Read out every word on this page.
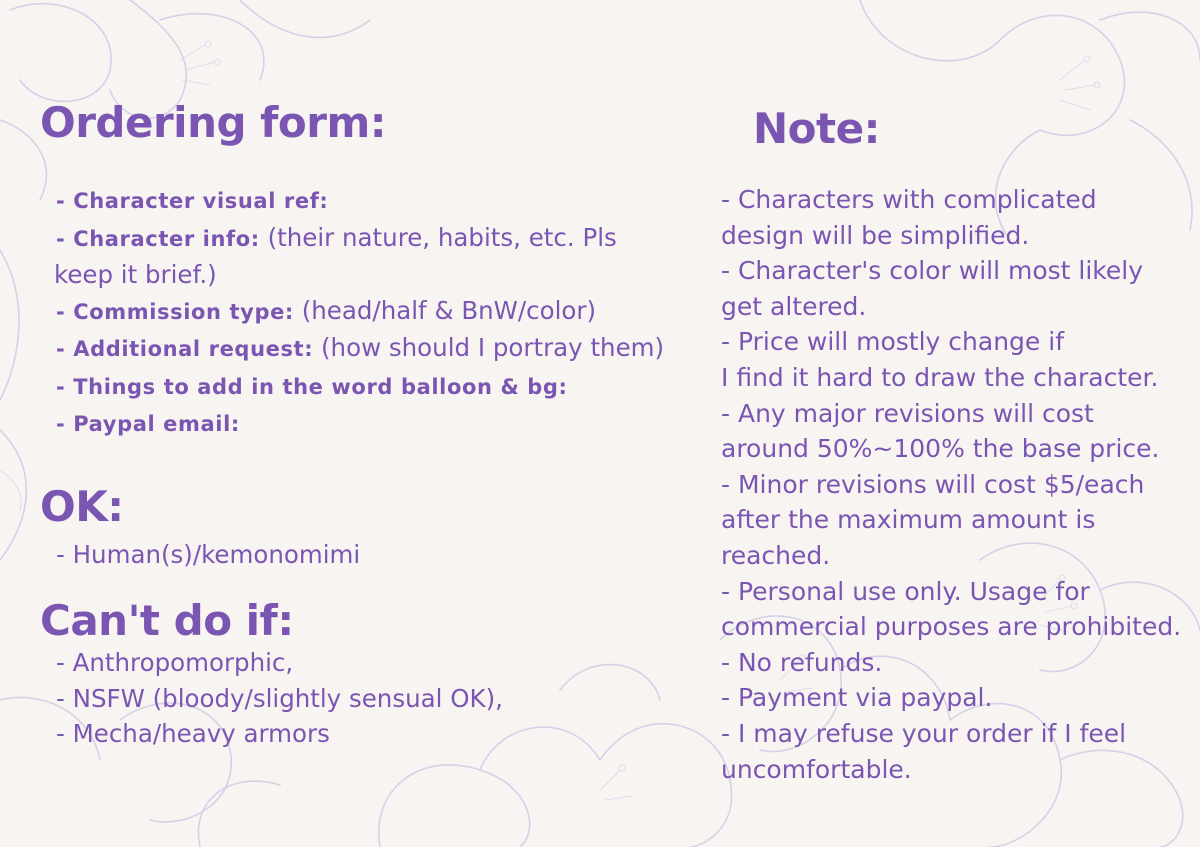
Ordering form:	Note:
OK:
Can't do if:
- Character visual ref:
- Character info: (their nature, habits, etc. Pls
keep it brief.)
- Commission type: (head/half & BnW/color)
- Additional request: (how should I portray them)
- Things to add in the word balloon & bg:
- Paypal email:
- Human(s)/kemonomimi
- Anthropomorphic,
- NSFW (bloody/slightly sensual OK),
- Mecha/heavy armors
- Characters with complicated
design will be simplified.
- Character's color will most likely
get altered.
- Price will mostly change if
I find it hard to draw the character.
- Any major revisions will cost
around 50%~100% the base price.
- Minor revisions will cost $5/each
after the maximum amount is
reached.
- Personal use only. Usage for
commercial purposes are prohibited.
- No refunds.
- Payment via paypal.
- I may refuse your order if I feel
uncomfortable.
